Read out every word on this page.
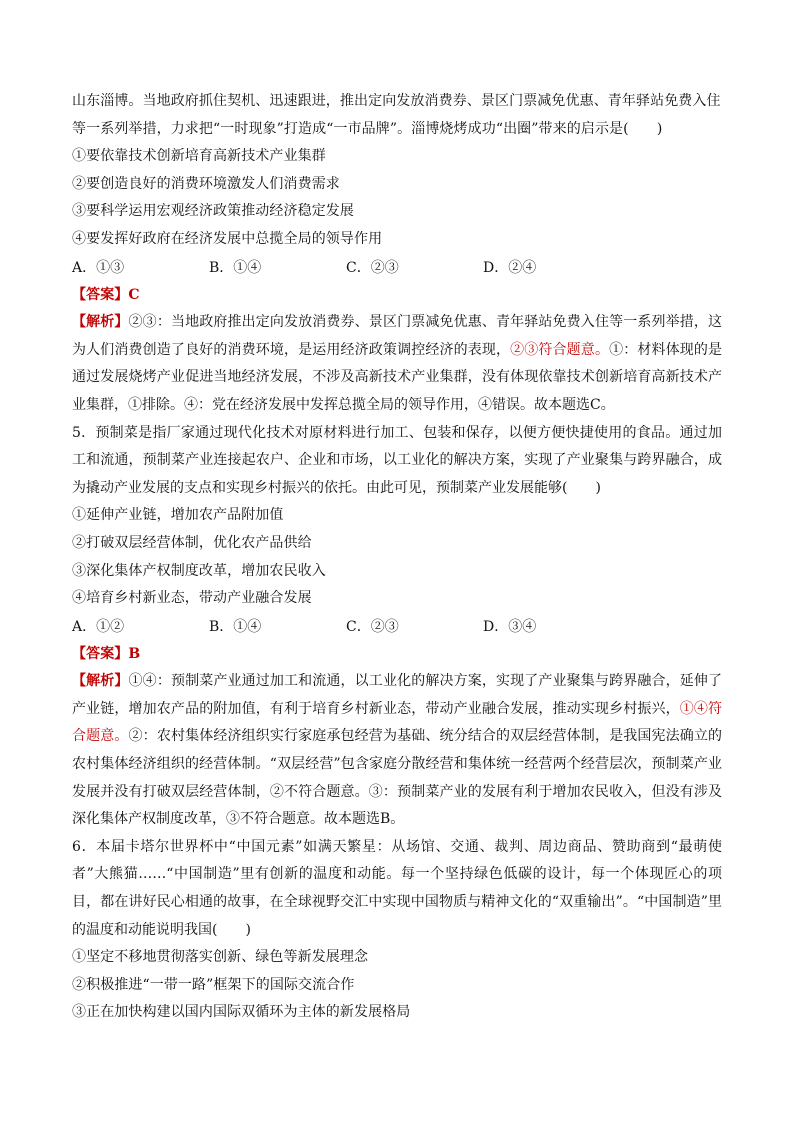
山东淄博。当地政府抓住契机、迅速跟进，推出定向发放消费券、景区门票减免优惠、青年驿站免费入住
等一系列举措，力求把“一时现象”打造成“一市品牌”。淄博烧烤成功“出圈”带来的启示是(　　)
①要依靠技术创新培育高新技术产业集群
②要创造良好的消费环境激发人们消费需求
③要科学运用宏观经济政策推动经济稳定发展
④要发挥好政府在经济发展中总揽全局的领导作用
A．①③	B．①④	C．②③	D．②④
【答案】C
【解析】②③：当地政府推出定向发放消费券、景区门票减免优惠、青年驿站免费入住等一系列举措，这为人们消费创造了良好的消费环境，是运用经济政策调控经济的表现，②③符合题意。①：材料体现的是通过发展烧烤产业促进当地经济发展，不涉及高新技术产业集群，没有体现依靠技术创新培育高新技术产业集群，①排除。④：党在经济发展中发挥总揽全局的领导作用，④错误。故本题选C。
5．预制菜是指厂家通过现代化技术对原材料进行加工、包装和保存，以便方便快捷使用的食品。通过加工和流通，预制菜产业连接起农户、企业和市场，以工业化的解决方案，实现了产业聚集与跨界融合，成为撬动产业发展的支点和实现乡村振兴的依托。由此可见，预制菜产业发展能够(　　)
①延伸产业链，增加农产品附加值
②打破双层经营体制，优化农产品供给
③深化集体产权制度改革，增加农民收入
④培育乡村新业态，带动产业融合发展
A．①②	B．①④	C．②③	D．③④
【答案】B
【解析】①④：预制菜产业通过加工和流通，以工业化的解决方案，实现了产业聚集与跨界融合，延伸了产业链，增加农产品的附加值，有利于培育乡村新业态，带动产业融合发展，推动实现乡村振兴，①④符合题意。②：农村集体经济组织实行家庭承包经营为基础、统分结合的双层经营体制，是我国宪法确立的农村集体经济组织的经营体制。“双层经营”包含家庭分散经营和集体统一经营两个经营层次，预制菜产业发展并没有打破双层经营体制，②不符合题意。③：预制菜产业的发展有利于增加农民收入，但没有涉及深化集体产权制度改革，③不符合题意。故本题选B。
6．本届卡塔尔世界杯中“中国元素”如满天繁星：从场馆、交通、裁判、周边商品、赞助商到“最萌使者”大熊猫……“中国制造”里有创新的温度和动能。每一个坚持绿色低碳的设计，每一个体现匠心的项目，都在讲好民心相通的故事，在全球视野交汇中实现中国物质与精神文化的“双重输出”。“中国制造”里的温度和动能说明我国(　　)
①坚定不移地贯彻落实创新、绿色等新发展理念
②积极推进“一带一路”框架下的国际交流合作
③正在加快构建以国内国际双循环为主体的新发展格局
